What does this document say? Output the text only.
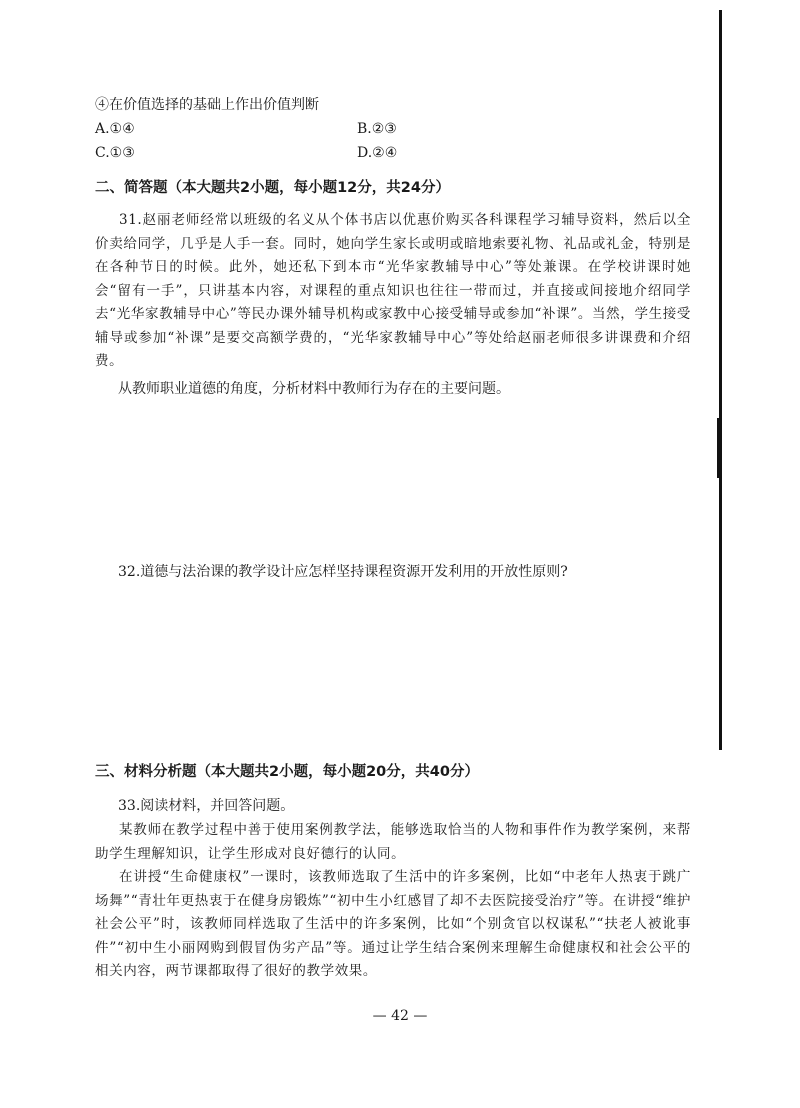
④在价值选择的基础上作出价值判断
A.①④	B.②③
C.①③	D.②④
二、简答题（本大题共2小题，每小题12分，共24分）
31.赵丽老师经常以班级的名义从个体书店以优惠价购买各科课程学习辅导资料，然后以全价卖给同学，几乎是人手一套。同时，她向学生家长或明或暗地索要礼物、礼品或礼金，特别是在各种节日的时候。此外，她还私下到本市“光华家教辅导中心”等处兼课。在学校讲课时她会“留有一手”，只讲基本内容，对课程的重点知识也往往一带而过，并直接或间接地介绍同学去“光华家教辅导中心”等民办课外辅导机构或家教中心接受辅导或参加“补课”。当然，学生接受辅导或参加“补课”是要交高额学费的，“光华家教辅导中心”等处给赵丽老师很多讲课费和介绍费。
从教师职业道德的角度，分析材料中教师行为存在的主要问题。
32.道德与法治课的教学设计应怎样坚持课程资源开发利用的开放性原则?
三、材料分析题（本大题共2小题，每小题20分，共40分）
33.阅读材料，并回答问题。
某教师在教学过程中善于使用案例教学法，能够选取恰当的人物和事件作为教学案例，来帮助学生理解知识，让学生形成对良好德行的认同。
在讲授“生命健康权”一课时，该教师选取了生活中的许多案例，比如“中老年人热衷于跳广场舞”“青壮年更热衷于在健身房锻炼”“初中生小红感冒了却不去医院接受治疗”等。在讲授“维护社会公平”时，该教师同样选取了生活中的许多案例，比如“个别贪官以权谋私”“扶老人被讹事件”“初中生小丽网购到假冒伪劣产品”等。通过让学生结合案例来理解生命健康权和社会公平的相关内容，两节课都取得了很好的教学效果。
— 42 —
